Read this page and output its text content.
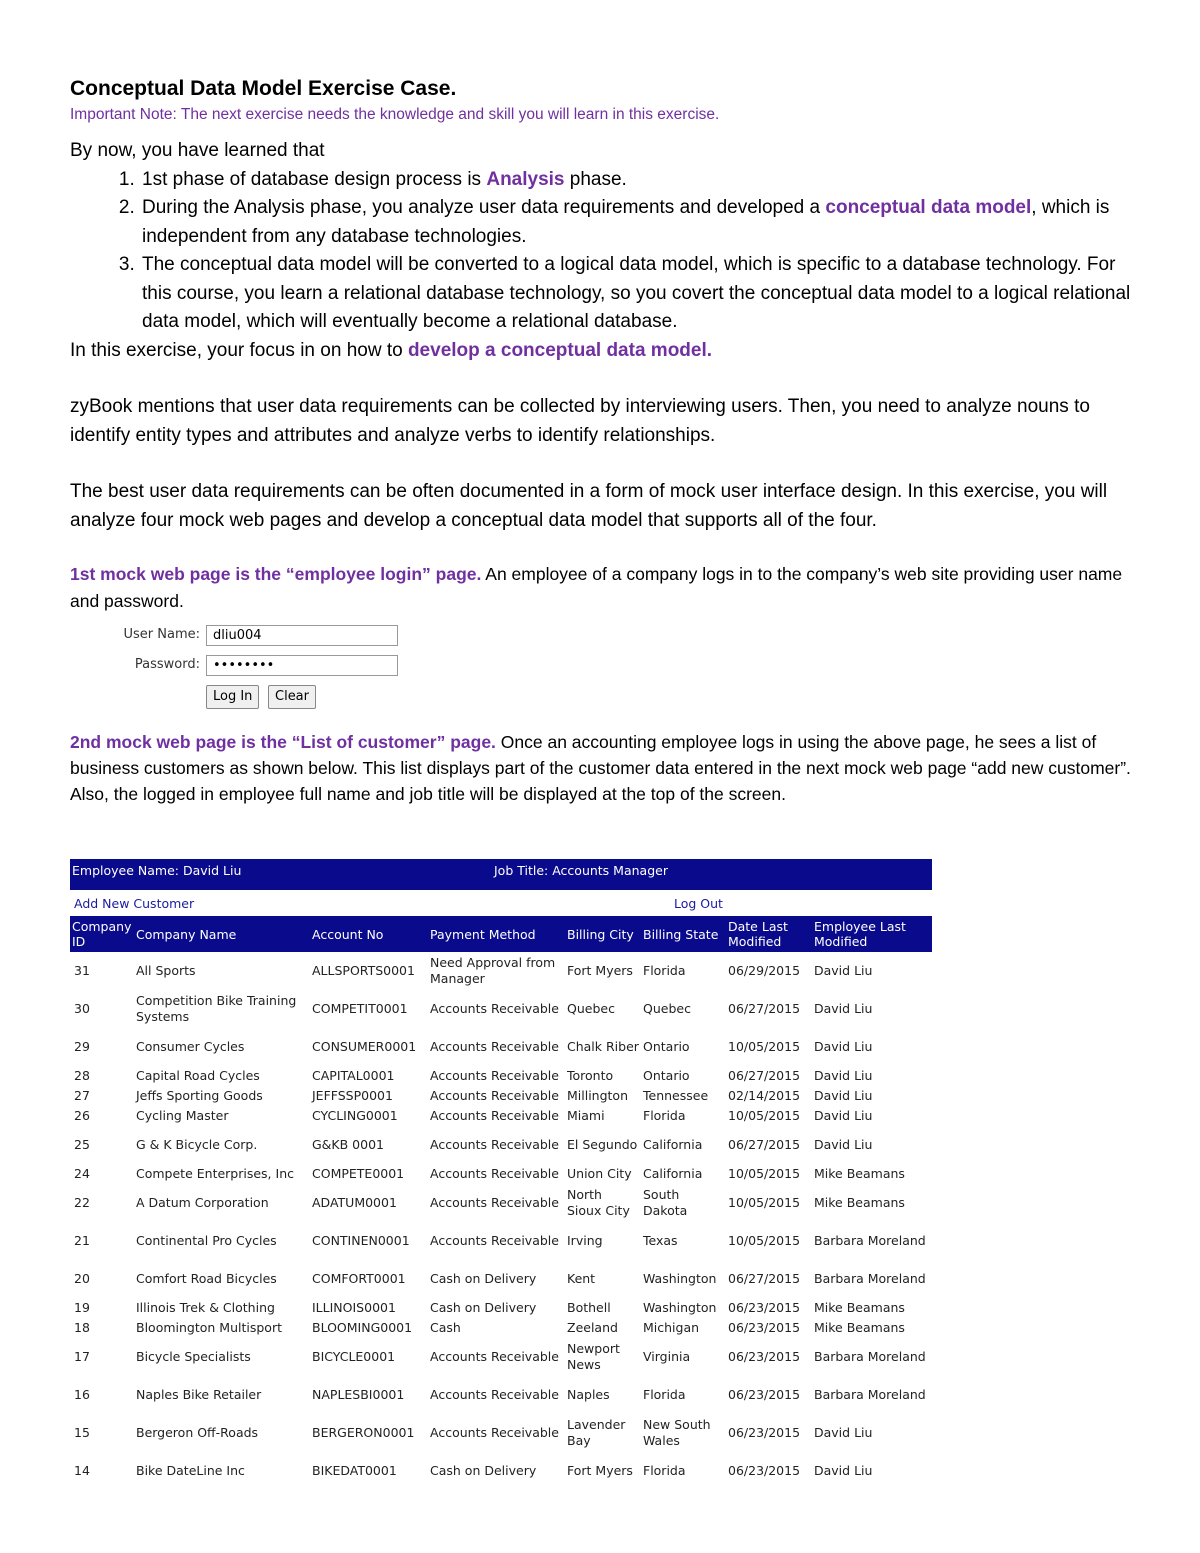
Conceptual Data Model Exercise Case.

Important Note: The next exercise needs the knowledge and skill you will learn in this exercise.

By now, you have learned that
1. 1st phase of database design process is Analysis phase.
2. During the Analysis phase, you analyze user data requirements and developed a conceptual data model, which is independent from any database technologies.
3. The conceptual data model will be converted to a logical data model, which is specific to a database technology. For this course, you learn a relational database technology, so you covert the conceptual data model to a logical relational data model, which will eventually become a relational database.
In this exercise, your focus in on how to develop a conceptual data model.
zyBook mentions that user data requirements can be collected by interviewing users. Then, you need to analyze nouns to identify entity types and attributes and analyze verbs to identify relationships.
The best user data requirements can be often documented in a form of mock user interface design. In this exercise, you will analyze four mock web pages and develop a conceptual data model that supports all of the four.
1st mock web page is the “employee login” page. An employee of a company logs in to the company’s web site providing user name and password.
User Name:	dliu004
Password:	••••••••
Log In	Clear
2nd mock web page is the “List of customer” page. Once an accounting employee logs in using the above page, he sees a list of business customers as shown below. This list displays part of the customer data entered in the next mock web page “add new customer”. Also, the logged in employee full name and job title will be displayed at the top of the screen.
Employee Name: David Liu	Job Title: Accounts Manager
Add New Customer	Log Out
Company ID	Company Name	Account No	Payment Method	Billing City	Billing State	Date Last Modified	Employee Last Modified
31	All Sports	ALLSPORTS0001	Need Approval from Manager	Fort Myers	Florida	06/29/2015	David Liu
30	Competition Bike Training Systems	COMPETIT0001	Accounts Receivable	Quebec	Quebec	06/27/2015	David Liu
29	Consumer Cycles	CONSUMER0001	Accounts Receivable	Chalk Riber	Ontario	10/05/2015	David Liu
28	Capital Road Cycles	CAPITAL0001	Accounts Receivable	Toronto	Ontario	06/27/2015	David Liu
27	Jeffs Sporting Goods	JEFFSSP0001	Accounts Receivable	Millington	Tennessee	02/14/2015	David Liu
26	Cycling Master	CYCLING0001	Accounts Receivable	Miami	Florida	10/05/2015	David Liu
25	G & K Bicycle Corp.	G&KB 0001	Accounts Receivable	El Segundo	California	06/27/2015	David Liu
24	Compete Enterprises, Inc	COMPETE0001	Accounts Receivable	Union City	California	10/05/2015	Mike Beamans
22	A Datum Corporation	ADATUM0001	Accounts Receivable	North Sioux City	South Dakota	10/05/2015	Mike Beamans
21	Continental Pro Cycles	CONTINEN0001	Accounts Receivable	Irving	Texas	10/05/2015	Barbara Moreland
20	Comfort Road Bicycles	COMFORT0001	Cash on Delivery	Kent	Washington	06/27/2015	Barbara Moreland
19	Illinois Trek & Clothing	ILLINOIS0001	Cash on Delivery	Bothell	Washington	06/23/2015	Mike Beamans
18	Bloomington Multisport	BLOOMING0001	Cash	Zeeland	Michigan	06/23/2015	Mike Beamans
17	Bicycle Specialists	BICYCLE0001	Accounts Receivable	Newport News	Virginia	06/23/2015	Barbara Moreland
16	Naples Bike Retailer	NAPLESBI0001	Accounts Receivable	Naples	Florida	06/23/2015	Barbara Moreland
15	Bergeron Off-Roads	BERGERON0001	Accounts Receivable	Lavender Bay	New South Wales	06/23/2015	David Liu
14	Bike DateLine Inc	BIKEDAT0001	Cash on Delivery	Fort Myers	Florida	06/23/2015	David Liu
